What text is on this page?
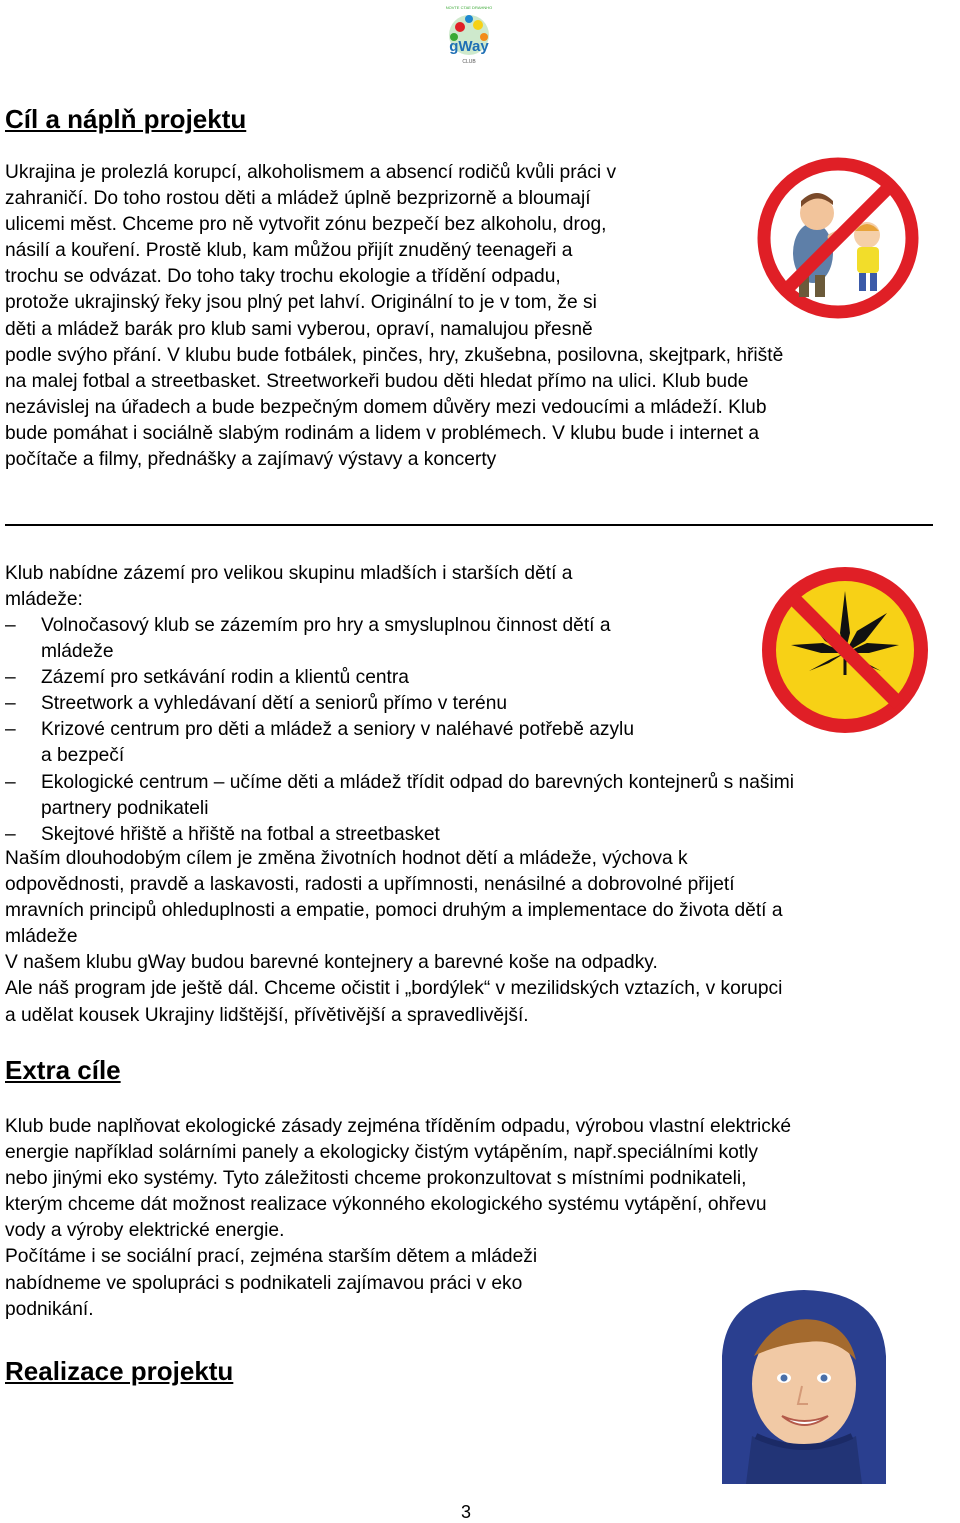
gWay
NOVTE CTAE DRAHNHO
CLUB
Cíl a náplň projektu
Ukrajina je prolezlá korupcí, alkoholismem a absencí rodičů kvůli práci v
zahraničí. Do toho rostou děti a mládež úplně bezprizorně a bloumají
ulicemi měst. Chceme pro ně vytvořit zónu bezpečí bez alkoholu, drog,
násilí a kouření. Prostě klub, kam můžou přijít znuděný teenageři a
trochu se odvázat. Do toho taky trochu ekologie a třídění odpadu,
protože ukrajinský řeky jsou plný pet lahví. Originální to je v tom, že si
děti a mládež barák pro klub sami vyberou, opraví, namalujou přesně
podle svýho přání. V klubu bude fotbálek, pinčes, hry, zkušebna, posilovna, skejtpark, hřiště
na malej fotbal a streetbasket. Streetworkeři budou děti hledat přímo na ulici. Klub bude
nezávislej na úřadech a bude bezpečným domem důvěry mezi vedoucími a mládeží. Klub
bude pomáhat i sociálně slabým rodinám a lidem v problémech. V klubu bude i internet a
počítače a filmy, přednášky a zajímavý výstavy a koncerty
Klub nabídne zázemí pro velikou skupinu mladších i starších dětí a
mládeže:
– Volnočasový klub se zázemím pro hry a smysluplnou činnost dětí a
mládeže
– Zázemí pro setkávání rodin a klientů centra
– Streetwork a vyhledávaní dětí a seniorů přímo v terénu
– Krizové centrum pro děti a mládež a seniory v naléhavé potřebě azylu
a bezpečí
– Ekologické centrum – učíme děti a mládež třídit odpad do barevných kontejnerů s našimi
partnery podnikateli
– Skejtové hřiště a hřiště na fotbal a streetbasket
Naším dlouhodobým cílem je změna životních hodnot dětí a mládeže, výchova k
odpovědnosti, pravdě a laskavosti, radosti a upřímnosti, nenásilné a dobrovolné přijetí
mravních principů ohleduplnosti a empatie, pomoci druhým a implementace do života dětí a
mládeže
V našem klubu gWay budou barevné kontejnery a barevné koše na odpadky.
Ale náš program jde ještě dál. Chceme očistit i „bordýlek“ v mezilidských vztazích, v korupci
a udělat kousek Ukrajiny lidštější, přívětivější a spravedlivější.
Extra cíle
Klub bude naplňovat ekologické zásady zejména tříděním odpadu, výrobou vlastní elektrické
energie například solárními panely a ekologicky čistým vytápěním, např.speciálními kotly
nebo jinými eko systémy. Tyto záležitosti chceme prokonzultovat s místními podnikateli,
kterým chceme dát možnost realizace výkonného ekologického systému vytápění, ohřevu
vody a výroby elektrické energie.
Počítáme i se sociální prací, zejména starším dětem a mládeži
nabídneme ve spolupráci s podnikateli zajímavou práci v eko
podnikání.
Realizace projektu
3
